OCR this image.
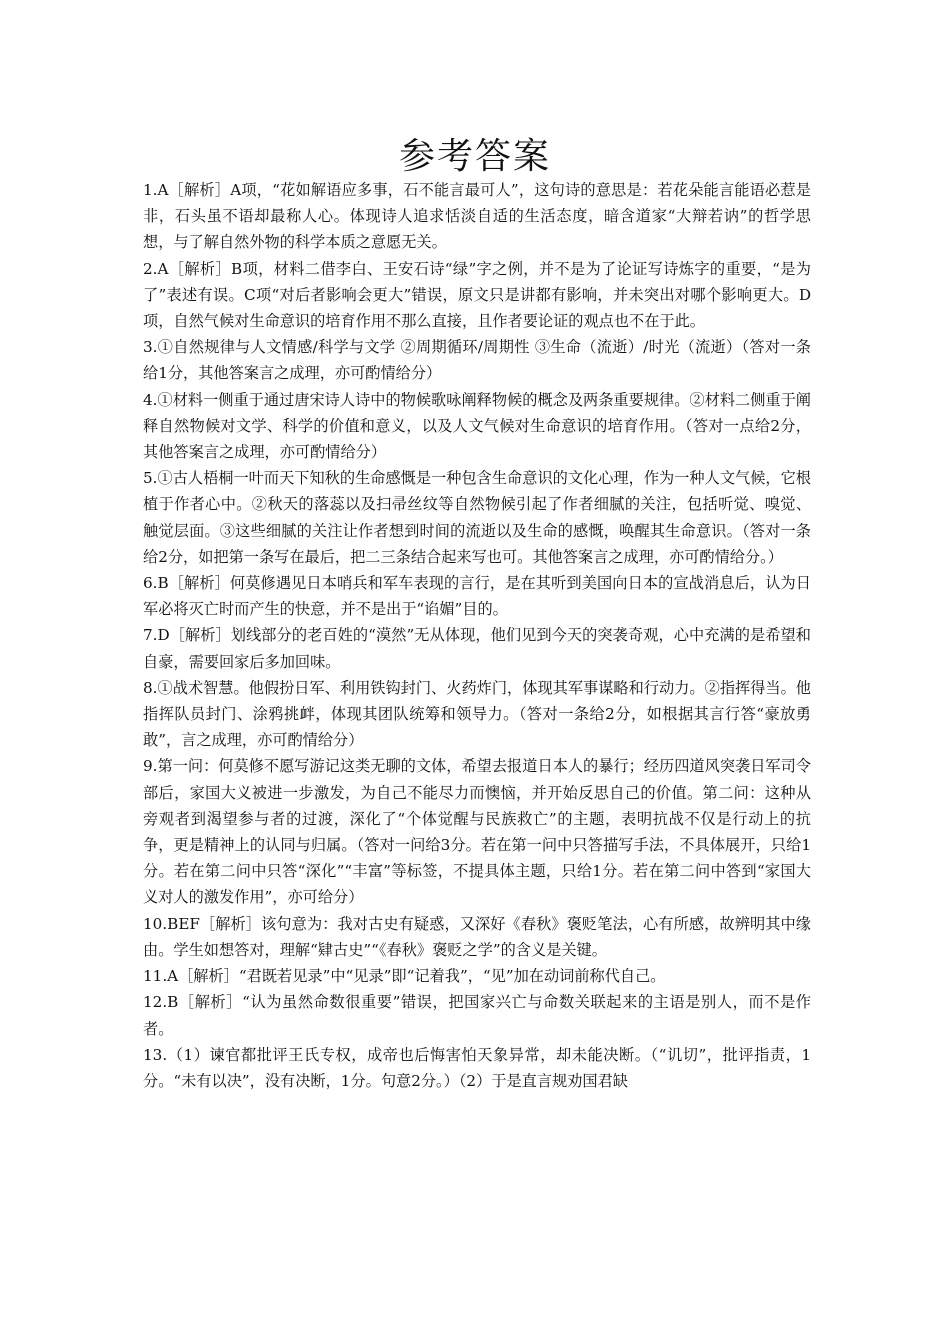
参考答案

1.A［解析］A项，“花如解语应多事，石不能言最可人”，这句诗的意思是：若花朵能言能语必惹是非，石头虽不语却最称人心。体现诗人追求恬淡自适的生活态度，暗含道家“大辩若讷”的哲学思想，与了解自然外物的科学本质之意愿无关。

2.A［解析］B项，材料二借李白、王安石诗“绿”字之例，并不是为了论证写诗炼字的重要，“是为了”表述有误。C项“对后者影响会更大”错误，原文只是讲都有影响，并未突出对哪个影响更大。D项，自然气候对生命意识的培育作用不那么直接，且作者要论证的观点也不在于此。

3.①自然规律与人文情感/科学与文学 ②周期循环/周期性 ③生命（流逝）/时光（流逝）（答对一条给1分，其他答案言之成理，亦可酌情给分）

4.①材料一侧重于通过唐宋诗人诗中的物候歌咏阐释物候的概念及两条重要规律。②材料二侧重于阐释自然物候对文学、科学的价值和意义，以及人文气候对生命意识的培育作用。（答对一点给2分，其他答案言之成理，亦可酌情给分）

5.①古人梧桐一叶而天下知秋的生命感慨是一种包含生命意识的文化心理，作为一种人文气候，它根植于作者心中。②秋天的落蕊以及扫帚丝纹等自然物候引起了作者细腻的关注，包括听觉、嗅觉、触觉层面。③这些细腻的关注让作者想到时间的流逝以及生命的感慨，唤醒其生命意识。（答对一条给2分，如把第一条写在最后，把二三条结合起来写也可。其他答案言之成理，亦可酌情给分。）

6.B［解析］何莫修遇见日本哨兵和军车表现的言行，是在其听到美国向日本的宣战消息后，认为日军必将灭亡时而产生的快意，并不是出于“谄媚”目的。

7.D［解析］划线部分的老百姓的“漠然”无从体现，他们见到今天的突袭奇观，心中充满的是希望和自豪，需要回家后多加回味。

8.①战术智慧。他假扮日军、利用铁钩封门、火药炸门，体现其军事谋略和行动力。②指挥得当。他指挥队员封门、涂鸦挑衅，体现其团队统筹和领导力。（答对一条给2分，如根据其言行答“豪放勇敢”，言之成理，亦可酌情给分）

9.第一问：何莫修不愿写游记这类无聊的文体，希望去报道日本人的暴行；经历四道风突袭日军司令部后，家国大义被进一步激发，为自己不能尽力而懊恼，并开始反思自己的价值。第二问：这种从旁观者到渴望参与者的过渡，深化了“个体觉醒与民族救亡”的主题，表明抗战不仅是行动上的抗争，更是精神上的认同与归属。（答对一问给3分。若在第一问中只答描写手法，不具体展开，只给1分。若在第二问中只答“深化”“丰富”等标签，不提具体主题，只给1分。若在第二问中答到“家国大义对人的激发作用”，亦可给分）

10.BEF［解析］该句意为：我对古史有疑惑，又深好《春秋》褒贬笔法，心有所感，故辨明其中缘由。学生如想答对，理解“肄古史”“《春秋》褒贬之学”的含义是关键。

11.A［解析］“君既若见录”中“见录”即“记着我”，“见”加在动词前称代自己。

12.B［解析］“认为虽然命数很重要”错误，把国家兴亡与命数关联起来的主语是别人，而不是作者。

13.（1）谏官都批评王氏专权，成帝也后悔害怕天象异常，却未能决断。（“讥切”，批评指责，1分。“未有以决”，没有决断，1分。句意2分。）（2）于是直言规劝国君缺
